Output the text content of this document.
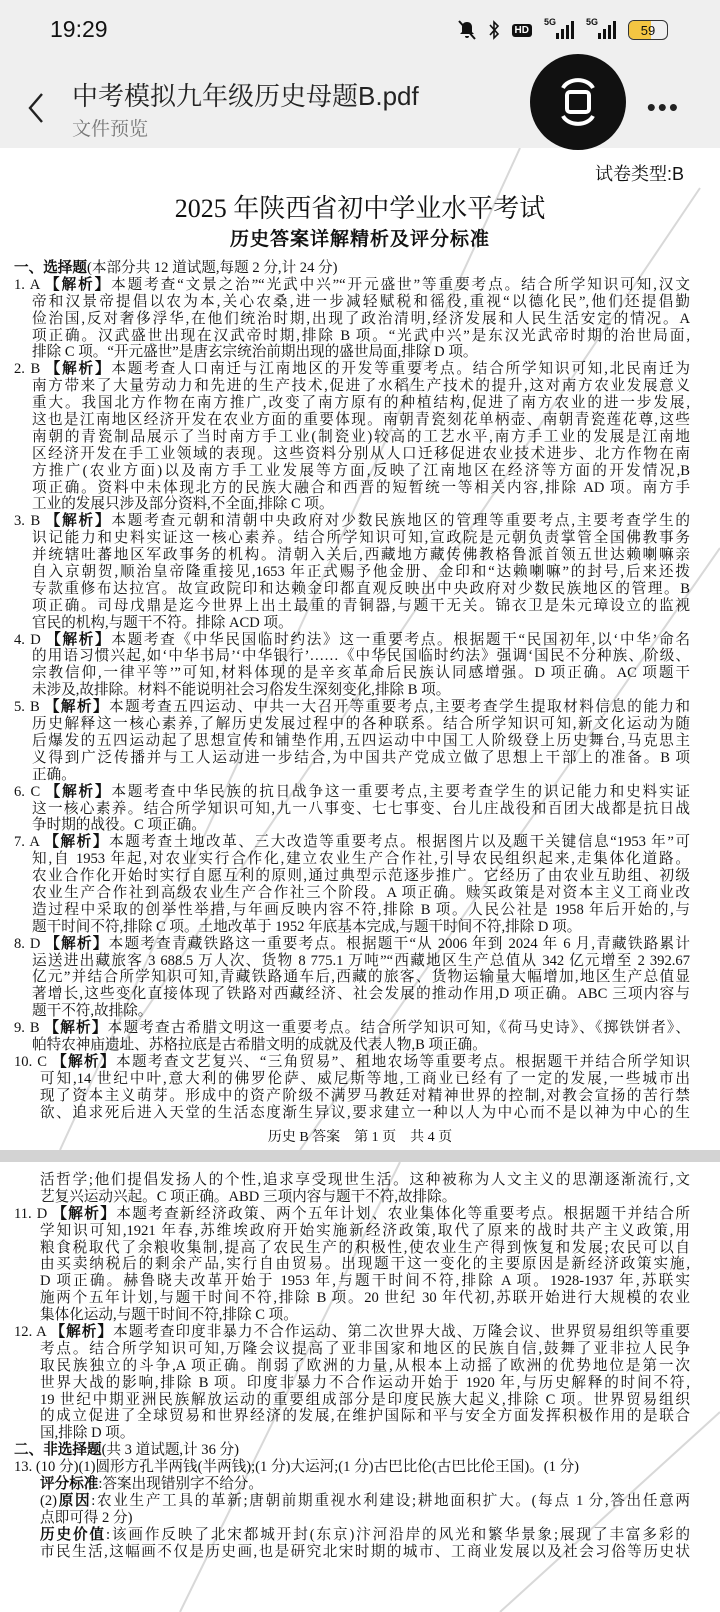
19:29	HD
5G	5G
59
中考模拟九年级历史母题B.pdf
文件预览
•••
试卷类型:B
2025 年陕西省初中学业水平考试
历史答案详解精析及评分标准
一、选择题(本部分共 12 道试题,每题 2 分,计 24 分)
1. A 【解析】本题考查“文景之治”“光武中兴”“开元盛世”等重要考点。结合所学知识可知,汉文
帝和汉景帝提倡以农为本,关心农桑,进一步减轻赋税和徭役,重视“以德化民”,他们还提倡勤
俭治国,反对奢侈浮华,在他们统治时期,出现了政治清明,经济发展和人民生活安定的情况。A
项正确。汉武盛世出现在汉武帝时期,排除 B 项。“光武中兴”是东汉光武帝时期的治世局面,
排除 C 项。“开元盛世”是唐玄宗统治前期出现的盛世局面,排除 D 项。
2. B 【解析】本题考查人口南迁与江南地区的开发等重要考点。结合所学知识可知,北民南迁为
南方带来了大量劳动力和先进的生产技术,促进了水稻生产技术的提升,这对南方农业发展意义
重大。我国北方作物在南方推广,改变了南方原有的种植结构,促进了南方农业的进一步发展,
这也是江南地区经济开发在农业方面的重要体现。南朝青瓷刻花单柄壶、南朝青瓷莲花尊,这些
南朝的青瓷制品展示了当时南方手工业(制瓷业)较高的工艺水平,南方手工业的发展是江南地
区经济开发在手工业领域的表现。这些资料分别从人口迁移促进农业技术进步、北方作物在南
方推广(农业方面)以及南方手工业发展等方面,反映了江南地区在经济等方面的开发情况,B
项正确。资料中未体现北方的民族大融合和西晋的短暂统一等相关内容,排除 AD 项。南方手
工业的发展只涉及部分资料,不全面,排除 C 项。
3. B 【解析】本题考查元朝和清朝中央政府对少数民族地区的管理等重要考点,主要考查学生的
识记能力和史料实证这一核心素养。结合所学知识可知,宣政院是元朝负责掌管全国佛教事务
并统辖吐蕃地区军政事务的机构。清朝入关后,西藏地方藏传佛教格鲁派首领五世达赖喇嘛亲
自入京朝贺,顺治皇帝隆重接见,1653 年正式赐予他金册、金印和“达赖喇嘛”的封号,后来还拨
专款重修布达拉宫。故宣政院印和达赖金印都直观反映出中央政府对少数民族地区的管理。B
项正确。司母戊鼎是迄今世界上出土最重的青铜器,与题干无关。锦衣卫是朱元璋设立的监视
官民的机构,与题干不符。排除 ACD 项。
4. D 【解析】本题考查《中华民国临时约法》这一重要考点。根据题干“民国初年,以‘中华’命名
的用语习惯兴起,如‘中华书局’‘中华银行’……《中华民国临时约法》强调‘国民不分种族、阶级、
宗教信仰,一律平等’”可知,材料体现的是辛亥革命后民族认同感增强。D 项正确。AC 项题干
未涉及,故排除。材料不能说明社会习俗发生深刻变化,排除 B 项。
5. B 【解析】本题考查五四运动、中共一大召开等重要考点,主要考查学生提取材料信息的能力和
历史解释这一核心素养,了解历史发展过程中的各种联系。结合所学知识可知,新文化运动为随
后爆发的五四运动起了思想宣传和铺垫作用,五四运动中中国工人阶级登上历史舞台,马克思主
义得到广泛传播并与工人运动进一步结合,为中国共产党成立做了思想上干部上的准备。B 项
正确。
6. C 【解析】本题考查中华民族的抗日战争这一重要考点,主要考查学生的识记能力和史料实证
这一核心素养。结合所学知识可知,九一八事变、七七事变、台儿庄战役和百团大战都是抗日战
争时期的战役。C 项正确。
7. A 【解析】本题考查土地改革、三大改造等重要考点。根据图片以及题干关键信息“1953 年”可
知,自 1953 年起,对农业实行合作化,建立农业生产合作社,引导农民组织起来,走集体化道路。
农业合作化开始时实行自愿互利的原则,通过典型示范逐步推广。它经历了由农业互助组、初级
农业生产合作社到高级农业生产合作社三个阶段。A 项正确。赎买政策是对资本主义工商业改
造过程中采取的创举性举措,与年画反映内容不符,排除 B 项。人民公社是 1958 年后开始的,与
题干时间不符,排除 C 项。土地改革于 1952 年底基本完成,与题干时间不符,排除 D 项。
8. D 【解析】本题考查青藏铁路这一重要考点。根据题干“从 2006 年到 2024 年 6 月,青藏铁路累计
运送进出藏旅客 3 688.5 万人次、货物 8 775.1 万吨”“西藏地区生产总值从 342 亿元增至 2 392.67
亿元”并结合所学知识可知,青藏铁路通车后,西藏的旅客、货物运输量大幅增加,地区生产总值显
著增长,这些变化直接体现了铁路对西藏经济、社会发展的推动作用,D 项正确。ABC 三项内容与
题干不符,故排除。
9. B 【解析】本题考查古希腊文明这一重要考点。结合所学知识可知,《荷马史诗》、《掷铁饼者》、
帕特农神庙遗址、苏格拉底是古希腊文明的成就及代表人物,B 项正确。
10. C 【解析】本题考查文艺复兴、“三角贸易”、租地农场等重要考点。根据题干并结合所学知识
可知,14 世纪中叶,意大利的佛罗伦萨、威尼斯等地,工商业已经有了一定的发展,一些城市出
现了资本主义萌芽。形成中的资产阶级不满罗马教廷对精神世界的控制,对教会宣扬的苦行禁
欲、追求死后进入天堂的生活态度渐生异议,要求建立一种以人为中心而不是以神为中心的生
历史 B 答案　第 1 页　共 4 页
活哲学;他们提倡发扬人的个性,追求享受现世生活。这种被称为人文主义的思潮逐渐流行,文
艺复兴运动兴起。C 项正确。ABD 三项内容与题干不符,故排除。
11. D 【解析】本题考查新经济政策、两个五年计划、农业集体化等重要考点。根据题干并结合所
学知识可知,1921 年春,苏维埃政府开始实施新经济政策,取代了原来的战时共产主义政策,用
粮食税取代了余粮收集制,提高了农民生产的积极性,使农业生产得到恢复和发展;农民可以自
由买卖纳税后的剩余产品,实行自由贸易。出现题干这一变化的主要原因是新经济政策实施,
D 项正确。赫鲁晓夫改革开始于 1953 年,与题干时间不符,排除 A 项。1928-1937 年,苏联实
施两个五年计划,与题干时间不符,排除 B 项。20 世纪 30 年代初,苏联开始进行大规模的农业
集体化运动,与题干时间不符,排除 C 项。
12. A 【解析】本题考查印度非暴力不合作运动、第二次世界大战、万隆会议、世界贸易组织等重要
考点。结合所学知识可知,万隆会议提高了亚非国家和地区的民族自信,鼓舞了亚非拉人民争
取民族独立的斗争,A 项正确。削弱了欧洲的力量,从根本上动摇了欧洲的优势地位是第一次
世界大战的影响,排除 B 项。印度非暴力不合作运动开始于 1920 年,与历史解释的时间不符,
19 世纪中期亚洲民族解放运动的重要组成部分是印度民族大起义,排除 C 项。世界贸易组织
的成立促进了全球贸易和世界经济的发展,在维护国际和平与安全方面发挥积极作用的是联合
国,排除 D 项。
二、非选择题(共 3 道试题,计 36 分)
13. (10 分)(1)圆形方孔半两钱(半两钱);(1 分)大运河;(1 分)古巴比伦(古巴比伦王国)。(1 分)
评分标准:答案出现错别字不给分。
(2)原因:农业生产工具的革新;唐朝前期重视水利建设;耕地面积扩大。(每点 1 分,答出任意两
点即可得 2 分)
历史价值:该画作反映了北宋都城开封(东京)汴河沿岸的风光和繁华景象;展现了丰富多彩的
市民生活,这幅画不仅是历史画,也是研究北宋时期的城市、工商业发展以及社会习俗等历史状
